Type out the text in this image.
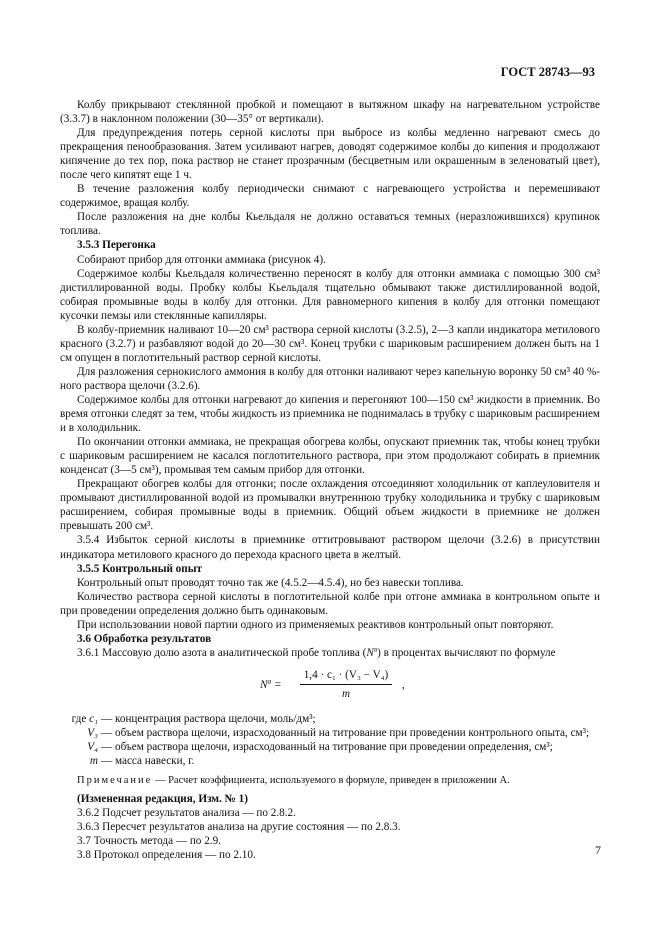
ГОСТ 28743—93

Колбу прикрывают стеклянной пробкой и помещают в вытяжном шкафу на нагревательном устройстве (3.3.7) в наклонном положении (30—35° от вертикали).

Для предупреждения потерь серной кислоты при выбросе из колбы медленно нагревают смесь до прекращения пенообразования. Затем усиливают нагрев, доводят содержимое колбы до кипения и продолжают кипячение до тех пор, пока раствор не станет прозрачным (бесцветным или окрашенным в зеленоватый цвет), после чего кипятят еще 1 ч.

В течение разложения колбу периодически снимают с нагревающего устройства и перемешивают содержимое, вращая колбу.

После разложения на дне колбы Кьельдаля не должно оставаться темных (неразложившихся) крупинок топлива.

3.5.3 Перегонка

Собирают прибор для отгонки аммиака (рисунок 4).

Содержимое колбы Кьельдаля количественно переносят в колбу для отгонки аммиака с помощью 300 см³ дистиллированной воды. Пробку колбы Кьельдаля тщательно обмывают также дистиллированной водой, собирая промывные воды в колбу для отгонки. Для равномерного кипения в колбу для отгонки помещают кусочки пемзы или стеклянные капилляры.

В колбу-приемник наливают 10—20 см³ раствора серной кислоты (3.2.5), 2—3 капли индикатора метилового красного (3.2.7) и разбавляют водой до 20—30 см³. Конец трубки с шариковым расширением должен быть на 1 см опущен в поглотительный раствор серной кислоты.

Для разложения сернокислого аммония в колбу для отгонки наливают через капельную воронку 50 см³ 40 %-ного раствора щелочи (3.2.6).

Содержимое колбы для отгонки нагревают до кипения и перегоняют 100—150 см³ жидкости в приемник. Во время отгонки следят за тем, чтобы жидкость из приемника не поднималась в трубку с шариковым расширением и в холодильник.

По окончании отгонки аммиака, не прекращая обогрева колбы, опускают приемник так, чтобы конец трубки с шариковым расширением не касался поглотительного раствора, при этом продолжают собирать в приемник конденсат (3—5 см³), промывая тем самым прибор для отгонки.

Прекращают обогрев колбы для отгонки; после охлаждения отсоединяют холодильник от каплеуловителя и промывают дистиллированной водой из промывалки внутреннюю трубку холодильника и трубку с шариковым расширением, собирая промывные воды в приемник. Общий объем жидкости в приемнике не должен превышать 200 см³.

3.5.4 Избыток серной кислоты в приемнике оттитровывают раствором щелочи (3.2.6) в присутствии индикатора метилового красного до перехода красного цвета в желтый.

3.5.5 Контрольный опыт

Контрольный опыт проводят точно так же (4.5.2—4.5.4), но без навески топлива.

Количество раствора серной кислоты в поглотительной колбе при отгоне аммиака в контрольном опыте и при проведении определения должно быть одинаковым.

При использовании новой партии одного из применяемых реактивов контрольный опыт повторяют.

3.6 Обработка результатов

3.6.1 Массовую долю азота в аналитической пробе топлива $(N^a)$ в процентах вычисляют по формуле

$N^a = \frac{\text{1,4 · c₁ · (V₃ − V₄)}}{m}$ ,
где c₁ — концентрация раствора щелочи, моль/дм³;
V₃ — объем раствора щелочи, израсходованный на титрование при проведении контрольного опыта, см³;
V₄ — объем раствора щелочи, израсходованный на титрование при проведении определения, см³;
m — масса навески, г.

Примечание — Расчет коэффициента, используемого в формуле, приведен в приложении А.

(Измененная редакция, Изм. № 1)

3.6.2 Подсчет результатов анализа — по 2.8.2.

3.6.3 Пересчет результатов анализа на другие состояния — по 2.8.3.

3.7 Точность метода — по 2.9.

3.8 Протокол определения — по 2.10.	7
